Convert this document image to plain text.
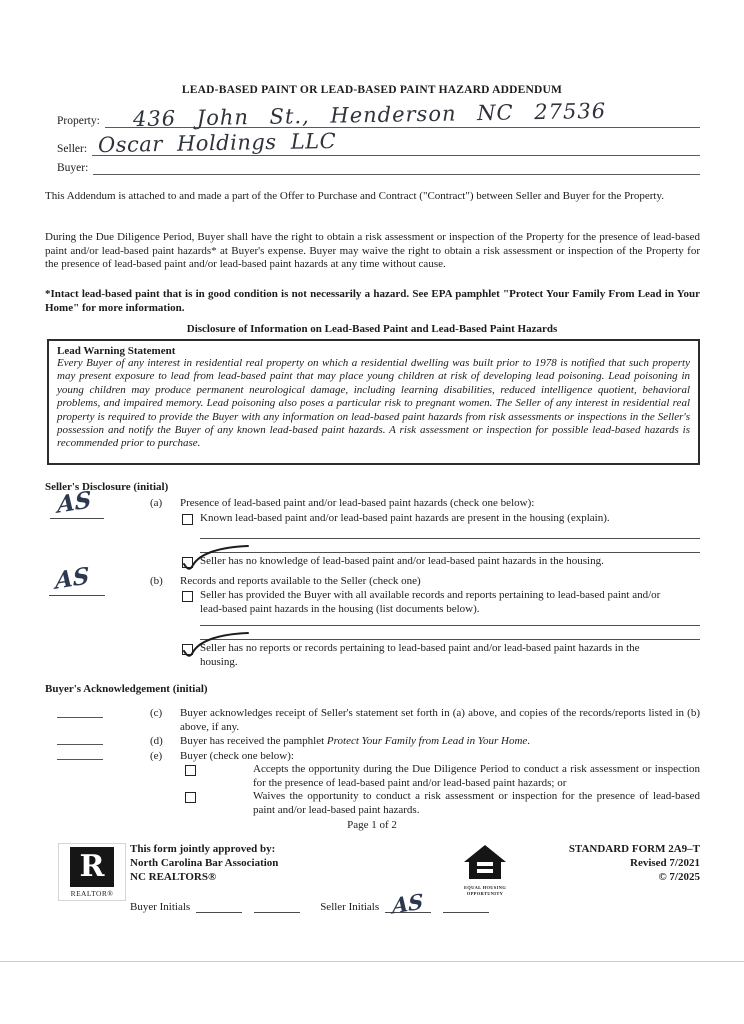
LEAD-BASED PAINT OR LEAD-BASED PAINT HAZARD ADDENDUM
Property: 436 John St., Henderson NC 27536
Seller: Oscar Holdings LLC
Buyer:
This Addendum is attached to and made a part of the Offer to Purchase and Contract ("Contract") between Seller and Buyer for the Property.
During the Due Diligence Period, Buyer shall have the right to obtain a risk assessment or inspection of the Property for the presence of lead-based paint and/or lead-based paint hazards* at Buyer's expense. Buyer may waive the right to obtain a risk assessment or inspection of the Property for the presence of lead-based paint and/or lead-based paint hazards at any time without cause.
*Intact lead-based paint that is in good condition is not necessarily a hazard. See EPA pamphlet "Protect Your Family From Lead in Your Home" for more information.
Disclosure of Information on Lead-Based Paint and Lead-Based Paint Hazards
Lead Warning Statement
Every Buyer of any interest in residential real property on which a residential dwelling was built prior to 1978 is notified that such property may present exposure to lead from lead-based paint that may place young children at risk of developing lead poisoning. Lead poisoning in young children may produce permanent neurological damage, including learning disabilities, reduced intelligence quotient, behavioral problems, and impaired memory. Lead poisoning also poses a particular risk to pregnant women. The Seller of any interest in residential real property is required to provide the Buyer with any information on lead-based paint hazards from risk assessments or inspections in the Seller's possession and notify the Buyer of any known lead-based paint hazards. A risk assessment or inspection for possible lead-based hazards is recommended prior to purchase.
Seller's Disclosure (initial)
AS	(a)	Presence of lead-based paint and/or lead-based paint hazards (check one below):
Known lead-based paint and/or lead-based paint hazards are present in the housing (explain).
Seller has no knowledge of lead-based paint and/or lead-based paint hazards in the housing.
AS	(b)	Records and reports available to the Seller (check one)
Seller has provided the Buyer with all available records and reports pertaining to lead-based paint and/or lead-based paint hazards in the housing (list documents below).
Seller has no reports or records pertaining to lead-based paint and/or lead-based paint hazards in the housing.
Buyer's Acknowledgement (initial)
(c)	Buyer acknowledges receipt of Seller's statement set forth in (a) above, and copies of the records/reports listed in (b) above, if any.
(d)	Buyer has received the pamphlet Protect Your Family from Lead in Your Home.
(e)	Buyer (check one below):
Accepts the opportunity during the Due Diligence Period to conduct a risk assessment or inspection for the presence of lead-based paint and/or lead-based paint hazards; or
Waives the opportunity to conduct a risk assessment or inspection for the presence of lead-based paint and/or lead-based paint hazards.
Page 1 of 2
R
REALTOR®
This form jointly approved by:
North Carolina Bar Association
NC REALTORS®
Buyer Initials	Seller Initials AS
EQUAL HOUSING
OPPORTUNITY
STANDARD FORM 2A9–T
Revised 7/2021
© 7/2025
